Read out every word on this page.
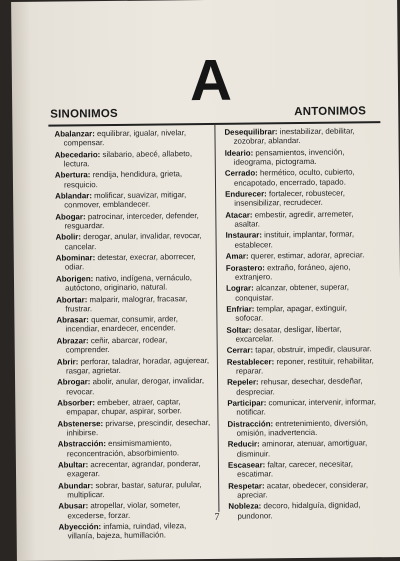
A
SINONIMOS	ANTONIMOS
Abalanzar: equilibrar, igualar, nivelar, compensar.
Abecedario: silabario, abecé, allabeto, lectura.
Abertura: rendija, hendidura, grieta, resquicio.
Ablandar: molificar, suavizar, mitigar, conmover, emblandecer.
Abogar: patrocinar, interceder, defender, resguardar.
Abolir: derogar, anular, invalidar, revocar, cancelar.
Abominar: detestar, execrar, aborrecer, odiar.
Aborigen: nativo, indígena, vernáculo, autóctono, originario, natural.
Abortar: malparir, malograr, fracasar, frustrar.
Abrasar: quemar, consumir, arder, incendiar, enardecer, encender.
Abrazar: ceñir, abarcar, rodear, comprender.
Abrir: perforar, taladrar, horadar, agujerear, rasgar, agrietar.
Abrogar: abolir, anular, derogar, invalidar, revocar.
Absorber: embeber, atraer, captar, empapar, chupar, aspirar, sorber.
Abstenerse: privarse, prescindir, desechar, inhibirse.
Abstracción: ensimismamiento, reconcentración, absorbimiento.
Abultar: acrecentar, agrandar, ponderar, exagerar.
Abundar: sobrar, bastar, saturar, pulular, multiplicar.
Abusar: atropellar, violar, someter, excederse, forzar.
Abyección: infamia, ruindad, vileza, villanía, bajeza, humillación.
Desequilibrar: inestabilizar, debilitar, zozobrar, ablandar.
Ideario: pensamientos, invención, ideograma, pictograma.
Cerrado: hermético, oculto, cubierto, encapotado, encerrado, tapado.
Endurecer: fortalecer, robustecer, insensibilizar, recrudecer.
Atacar: embestir, agredir, arremeter, asaltar.
Instaurar: instituir, implantar, formar, establecer.
Amar: querer, estimar, adorar, apreciar.
Forastero: extraño, foráneo, ajeno, extranjero.
Lograr: alcanzar, obtener, superar, conquistar.
Enfriar: templar, apagar, extinguir, sofocar.
Soltar: desatar, desligar, libertar, excarcelar.
Cerrar: tapar, obstruir, impedir, clausurar.
Restablecer: reponer, restituir, rehabilitar, reparar.
Repeler: rehusar, desechar, desdeñar, despreciar.
Participar: comunicar, intervenir, informar, notificar.
Distracción: entretenimiento, diversión, omisión, inadvertencia.
Reducir: aminorar, atenuar, amortiguar, disminuir.
Escasear: faltar, carecer, necesitar, escatimar.
Respetar: acatar, obedecer, considerar, apreciar.
Nobleza: decoro, hidalguía, dignidad, pundonor.
7
